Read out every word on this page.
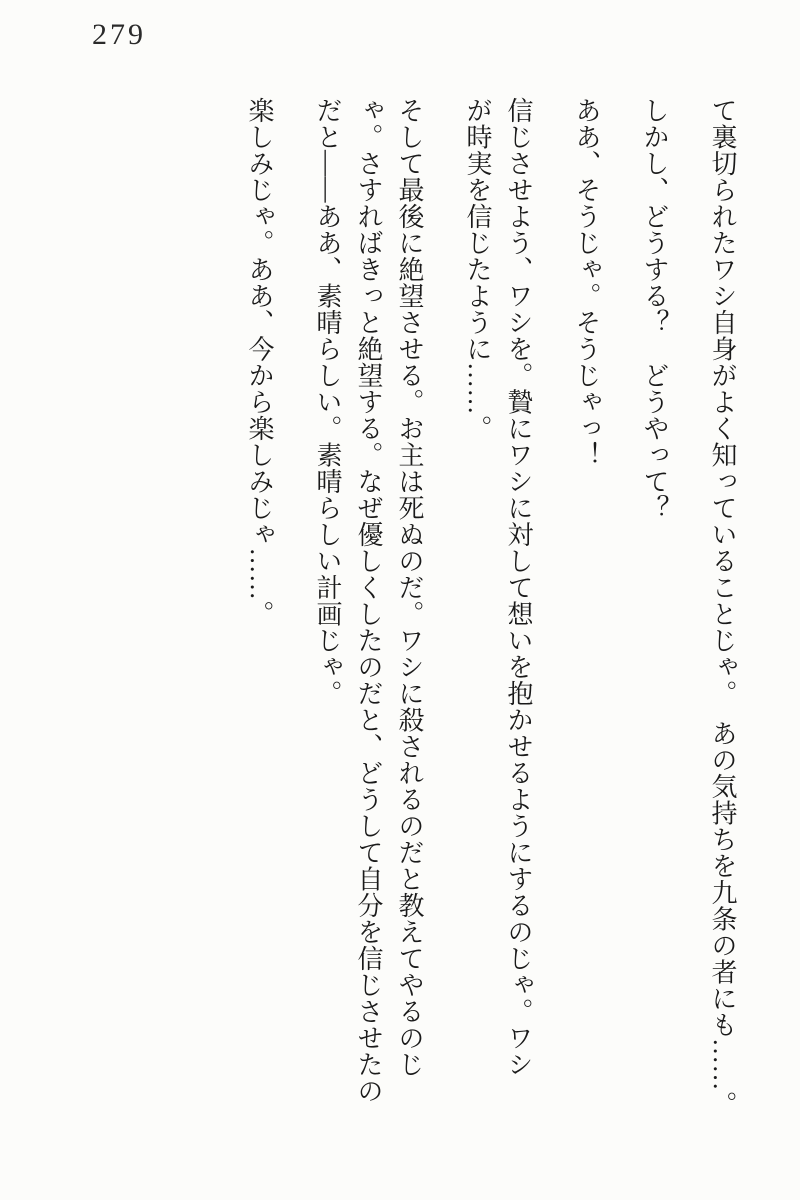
279

て裏切られたワシ自身がよく知っていることじゃ。　あの気持ちを九条の者にも……。

しかし、どうする？　どうやって？

ああ、そうじゃ。そうじゃっ！

信じさせよう、ワシを。贄にワシに対して想いを抱かせるようにするのじゃ。ワシ

が時実を信じたように……。

そして最後に絶望させる。お主は死ぬのだ。ワシに殺されるのだと教えてやるのじ

ゃ。さすればきっと絶望する。なぜ優しくしたのだと、どうして自分を信じさせたの

だと――ああ、素晴らしい。素晴らしい計画じゃ。

楽しみじゃ。ああ、今から楽しみじゃ……。
